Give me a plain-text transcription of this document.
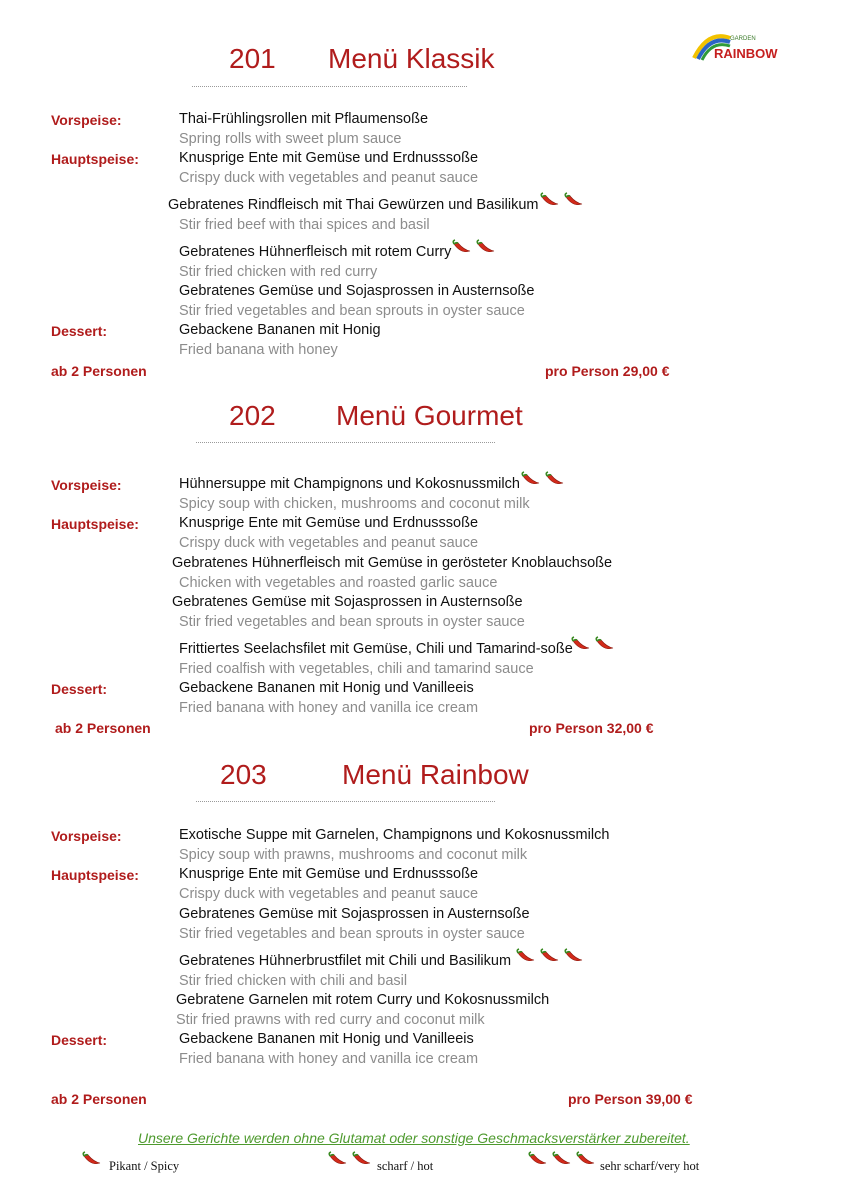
GARDEN
RAINBOW
201 Menü Klassik
Vorspeise:	Thai-Frühlingsrollen mit Pflaumensoße
Spring rolls with sweet plum sauce
Hauptspeise:	Knusprige Ente mit Gemüse und Erdnusssoße
Crispy duck with vegetables and peanut sauce
Gebratenes Rindfleisch mit Thai Gewürzen und Basilikum
Stir fried beef with thai spices and basil
Gebratenes Hühnerfleisch mit rotem Curry
Stir fried chicken with red curry
Gebratenes Gemüse und Sojasprossen in Austernsoße
Stir fried vegetables and bean sprouts in oyster sauce
Dessert:	Gebackene Bananen mit Honig
Fried banana with honey
ab 2 Personen	pro Person 29,00 €
202 Menü Gourmet
Vorspeise:	Hühnersuppe mit Champignons und Kokosnussmilch
Spicy soup with chicken, mushrooms and coconut milk
Hauptspeise:	Knusprige Ente mit Gemüse und Erdnusssoße
Crispy duck with vegetables and peanut sauce
Gebratenes Hühnerfleisch mit Gemüse in gerösteter Knoblauchsoße
Chicken with vegetables and roasted garlic sauce
Gebratenes Gemüse mit Sojasprossen in Austernsoße
Stir fried vegetables and bean sprouts in oyster sauce
Frittiertes Seelachsfilet mit Gemüse, Chili und Tamarind-soße
Fried coalfish with vegetables, chili and tamarind sauce
Dessert:	Gebackene Bananen mit Honig und Vanilleeis
Fried banana with honey and vanilla ice cream
ab 2 Personen	pro Person 32,00 €
203	Menü Rainbow
Vorspeise:	Exotische Suppe mit Garnelen, Champignons und Kokosnussmilch
Spicy soup with prawns, mushrooms and coconut milk
Hauptspeise:	Knusprige Ente mit Gemüse und Erdnusssoße
Crispy duck with vegetables and peanut sauce
Gebratenes Gemüse mit Sojasprossen in Austernsoße
Stir fried vegetables and bean sprouts in oyster sauce
Gebratenes Hühnerbrustfilet mit Chili und Basilikum
Stir fried chicken with chili and basil
Gebratene Garnelen mit rotem Curry und Kokosnussmilch
Stir fried prawns with red curry and coconut milk
Dessert:	Gebackene Bananen mit Honig und Vanilleeis
Fried banana with honey and vanilla ice cream
ab 2 Personen	pro Person 39,00 €
Unsere Gerichte werden ohne Glutamat oder sonstige Geschmacksverstärker zubereitet.
Pikant / Spicy	scharf / hot	sehr scharf/very hot
